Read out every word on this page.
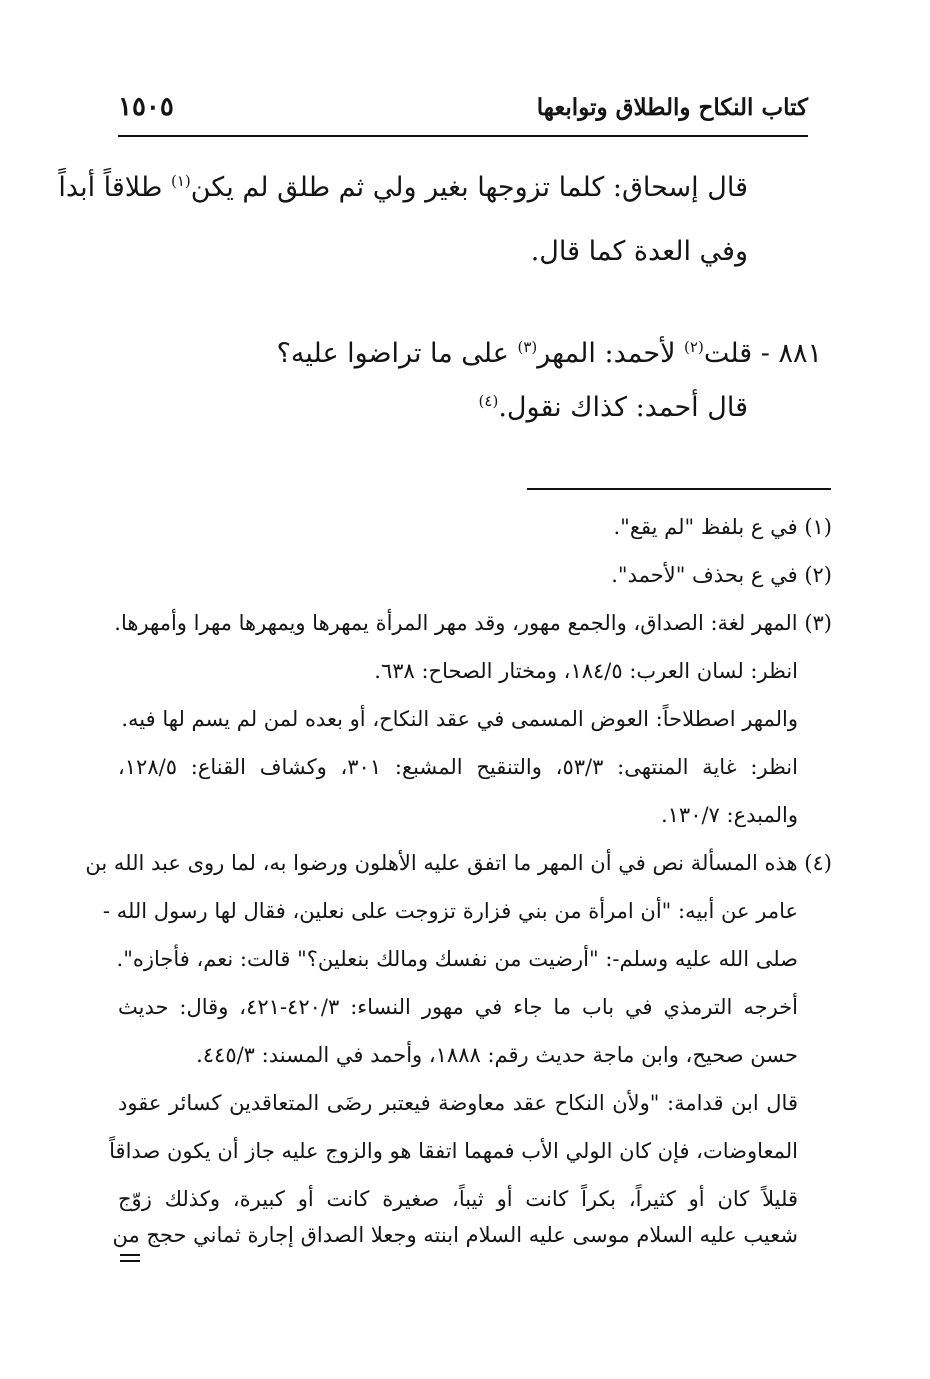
كتاب النكاح والطلاق وتوابعها
١٥٠٥
قال إسحاق: كلما تزوجها بغير ولي ثم طلق لم يكن$^{(١)}$ طلاقاً أبداً
وفي العدة كما قال.
٨٨١ - قلت$^{(٢)}$ لأحمد: المهر$^{(٣)}$ على ما تراضوا عليه؟
قال أحمد: كذاك نقول.$^{(٤)}$
(١) في ع بلفظ "لم يقع".
(٢) في ع بحذف "لأحمد".
(٣) المهر لغة: الصداق، والجمع مهور، وقد مهر المرأة يمهرها ويمهرها مهرا وأمهرها.
انظر: لسان العرب: ١٨٤/٥، ومختار الصحاح: ٦٣٨.
والمهر اصطلاحاً: العوض المسمى في عقد النكاح، أو بعده لمن لم يسم لها فيه.
انظر: غاية المنتهى: ٥٣/٣، والتنقيح المشبع: ٣٠١، وكشاف القناع: ١٢٨/٥،
والمبدع: ١٣٠/٧.
(٤) هذه المسألة نص في أن المهر ما اتفق عليه الأهلون ورضوا به، لما روى عبد الله بن
عامر عن أبيه: "أن امرأة من بني فزارة تزوجت على نعلين، فقال لها رسول الله -
صلى الله عليه وسلم-: "أرضيت من نفسك ومالك بنعلين؟" قالت: نعم، فأجازه".
أخرجه الترمذي في باب ما جاء في مهور النساء: ٤٢٠/٣-٤٢١، وقال: حديث
حسن صحيح، وابن ماجة حديث رقم: ١٨٨٨، وأحمد في المسند: ٤٤٥/٣.
قال ابن قدامة: "ولأن النكاح عقد معاوضة فيعتبر رضَى المتعاقدين كسائر عقود
المعاوضات، فإن كان الولي الأب فمهما اتفقا هو والزوج عليه جاز أن يكون صداقاً
قليلاً كان أو كثيراً، بكراً كانت أو ثيباً، صغيرة كانت أو كبيرة، وكذلك زوّج
شعيب عليه السلام موسى عليه السلام ابنته وجعلا الصداق إجارة ثماني حجج من
